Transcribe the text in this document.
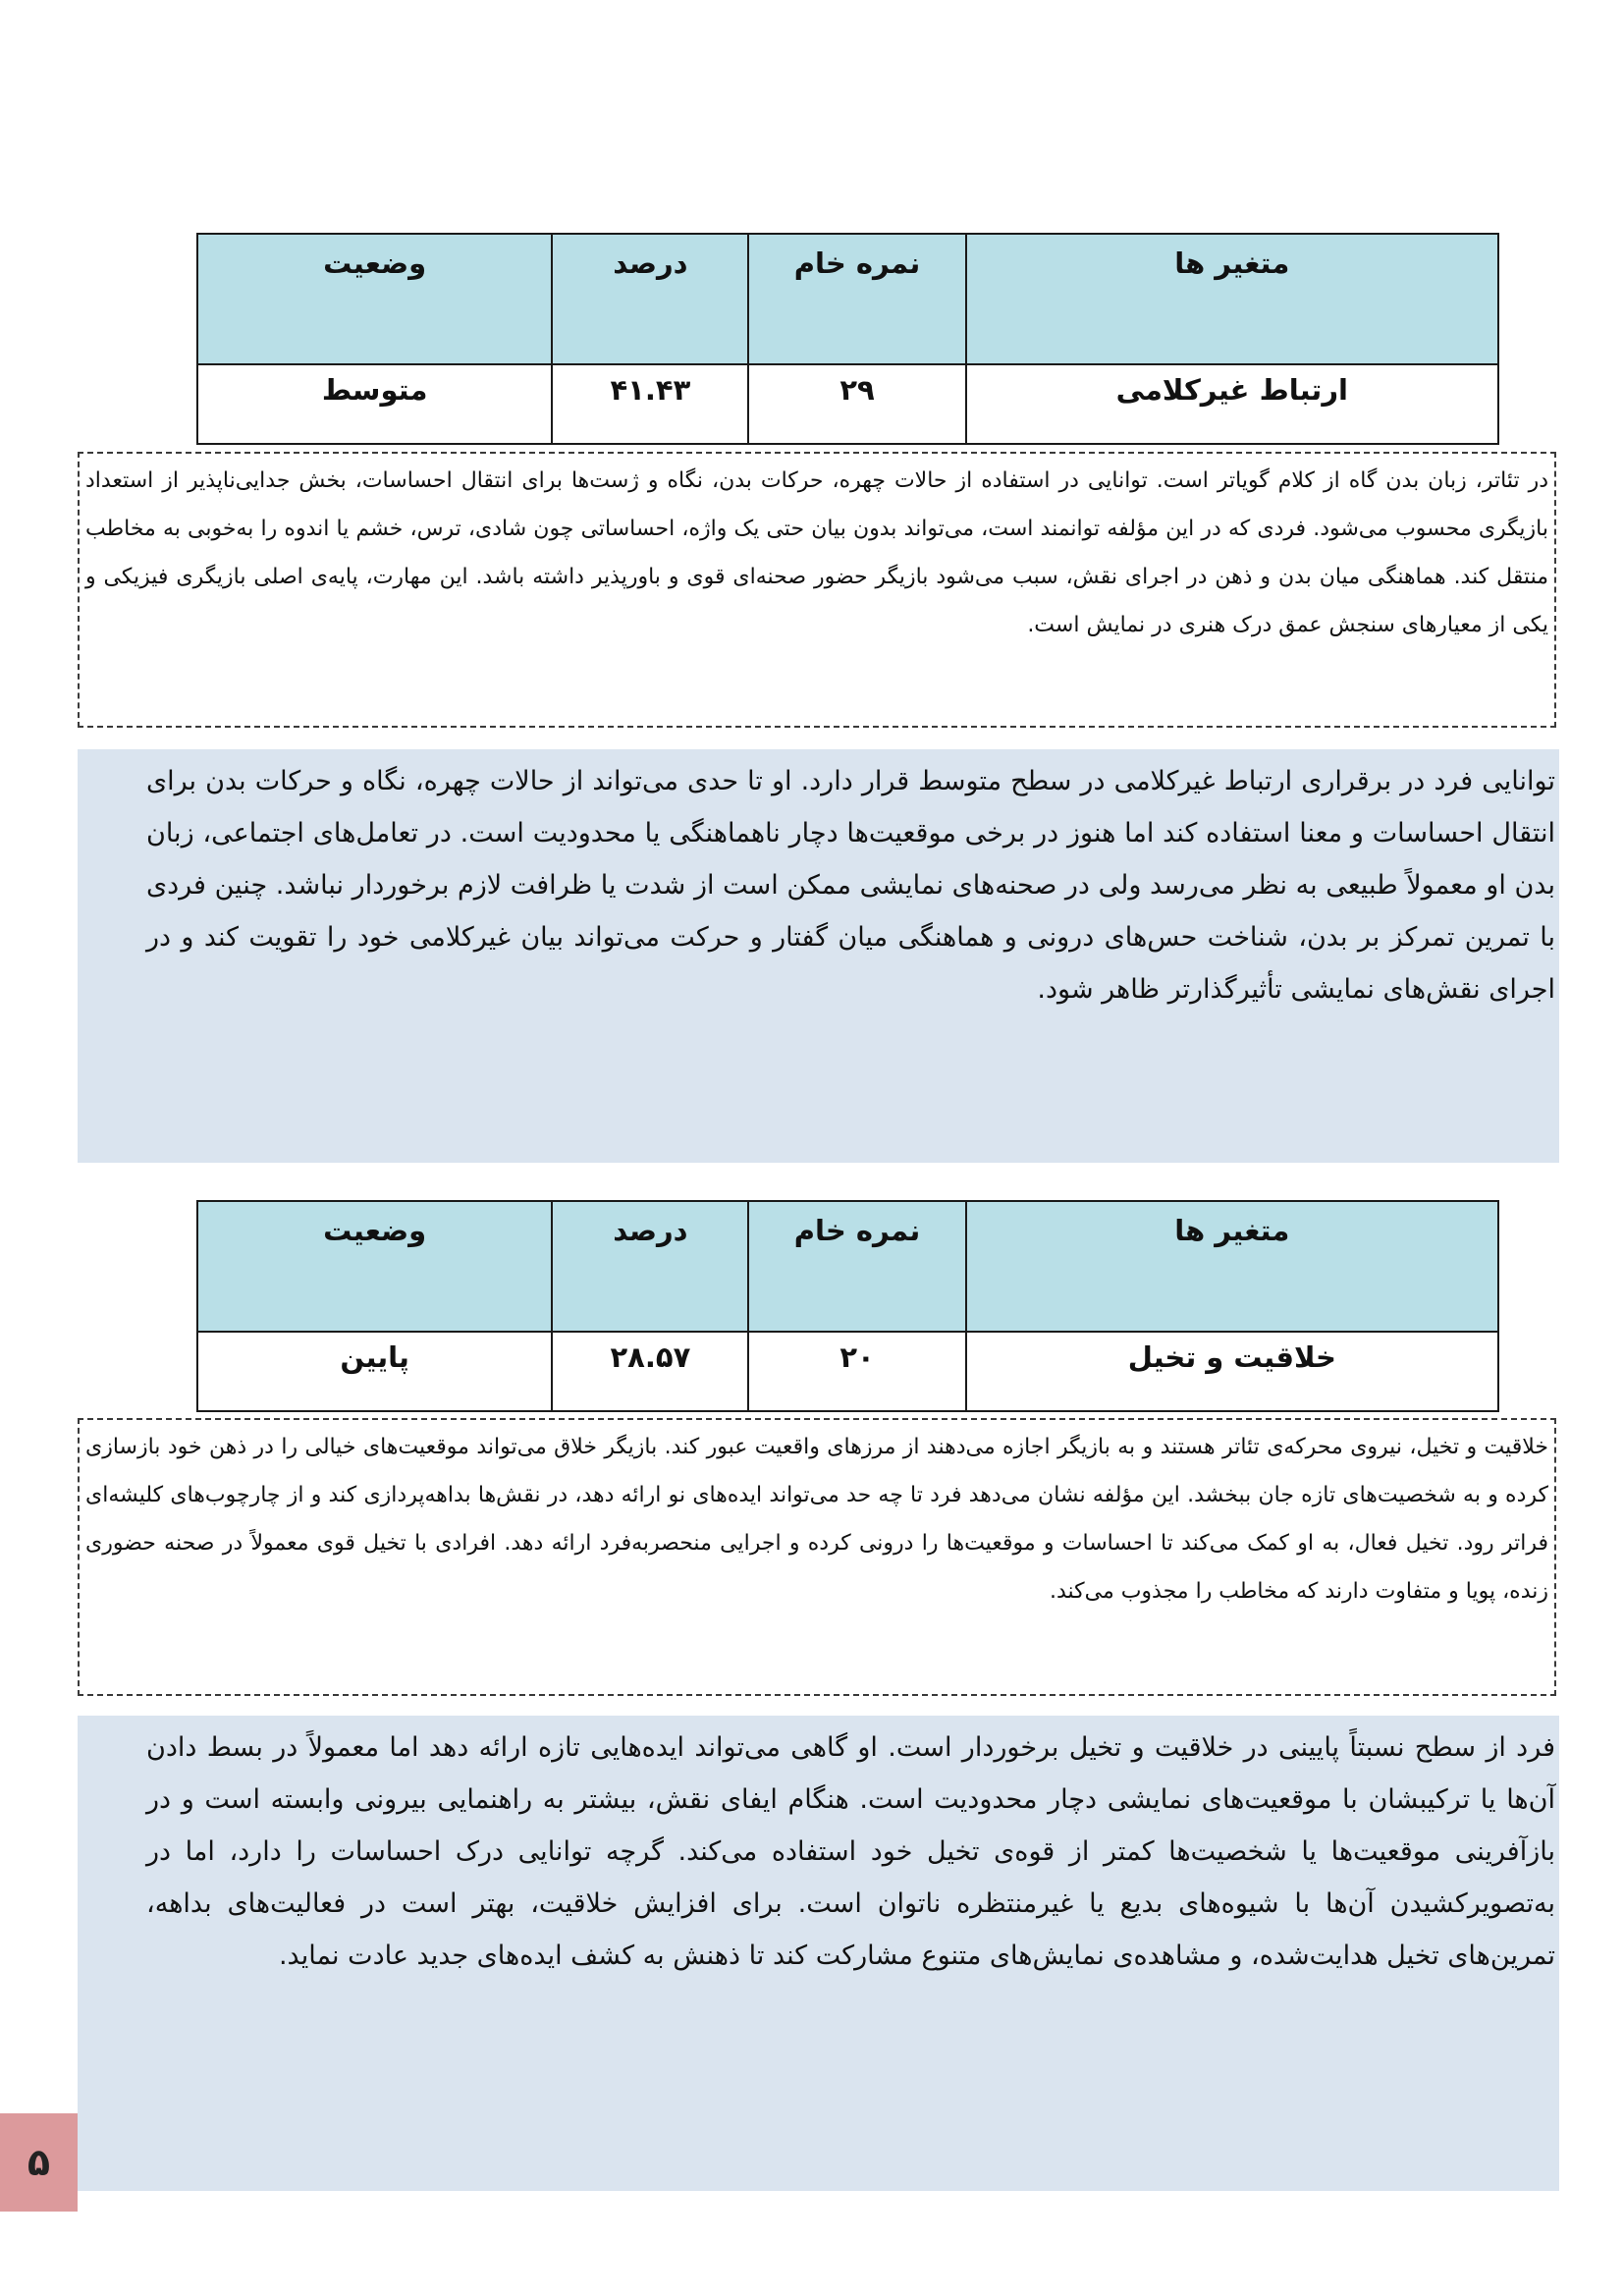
متغیر ها	نمره خام	درصد	وضعیت
ارتباط غیرکلامی	۲۹	۴۱.۴۳	متوسط
در تئاتر، زبان بدن گاه از کلام گویاتر است. توانایی در استفاده از حالات چهره، حرکات بدن، نگاه و ژست‌ها برای انتقال احساسات، بخش جدایی‌ناپذیر از استعداد بازیگری محسوب می‌شود. فردی که در این مؤلفه توانمند است، می‌تواند بدون بیان حتی یک واژه، احساساتی چون شادی، ترس، خشم یا اندوه را به‌خوبی به مخاطب منتقل کند. هماهنگی میان بدن و ذهن در اجرای نقش، سبب می‌شود بازیگر حضور صحنه‌ای قوی و باورپذیر داشته باشد. این مهارت، پایه‌ی اصلی بازیگری فیزیکی و یکی از معیارهای سنجش عمق درک هنری در نمایش است.
توانایی فرد در برقراری ارتباط غیرکلامی در سطح متوسط قرار دارد. او تا حدی می‌تواند از حالات چهره، نگاه و حرکات بدن برای انتقال احساسات و معنا استفاده کند اما هنوز در برخی موقعیت‌ها دچار ناهماهنگی یا محدودیت است. در تعامل‌های اجتماعی، زبان بدن او معمولاً طبیعی به نظر می‌رسد ولی در صحنه‌های نمایشی ممکن است از شدت یا ظرافت لازم برخوردار نباشد. چنین فردی با تمرین تمرکز بر بدن، شناخت حس‌های درونی و هماهنگی میان گفتار و حرکت می‌تواند بیان غیرکلامی خود را تقویت کند و در اجرای نقش‌های نمایشی تأثیرگذارتر ظاهر شود.
متغیر ها	نمره خام	درصد	وضعیت
خلاقیت و تخیل	۲۰	۲۸.۵۷	پایین
خلاقیت و تخیل، نیروی محرکه‌ی تئاتر هستند و به بازیگر اجازه می‌دهند از مرزهای واقعیت عبور کند. بازیگر خلاق می‌تواند موقعیت‌های خیالی را در ذهن خود بازسازی کرده و به شخصیت‌های تازه جان ببخشد. این مؤلفه نشان می‌دهد فرد تا چه حد می‌تواند ایده‌های نو ارائه دهد، در نقش‌ها بداهه‌پردازی کند و از چارچوب‌های کلیشه‌ای فراتر رود. تخیل فعال، به او کمک می‌کند تا احساسات و موقعیت‌ها را درونی کرده و اجرایی منحصربه‌فرد ارائه دهد. افرادی با تخیل قوی معمولاً در صحنه حضوری زنده، پویا و متفاوت دارند که مخاطب را مجذوب می‌کند.
فرد از سطح نسبتاً پایینی در خلاقیت و تخیل برخوردار است. او گاهی می‌تواند ایده‌هایی تازه ارائه دهد اما معمولاً در بسط دادن آن‌ها یا ترکیبشان با موقعیت‌های نمایشی دچار محدودیت است. هنگام ایفای نقش، بیشتر به راهنمایی بیرونی وابسته است و در بازآفرینی موقعیت‌ها یا شخصیت‌ها کمتر از قوه‌ی تخیل خود استفاده می‌کند. گرچه توانایی درک احساسات را دارد، اما در به‌تصویرکشیدن آن‌ها با شیوه‌های بدیع یا غیرمنتظره ناتوان است. برای افزایش خلاقیت، بهتر است در فعالیت‌های بداهه، تمرین‌های تخیل هدایت‌شده، و مشاهده‌ی نمایش‌های متنوع مشارکت کند تا ذهنش به کشف ایده‌های جدید عادت نماید.
۵
